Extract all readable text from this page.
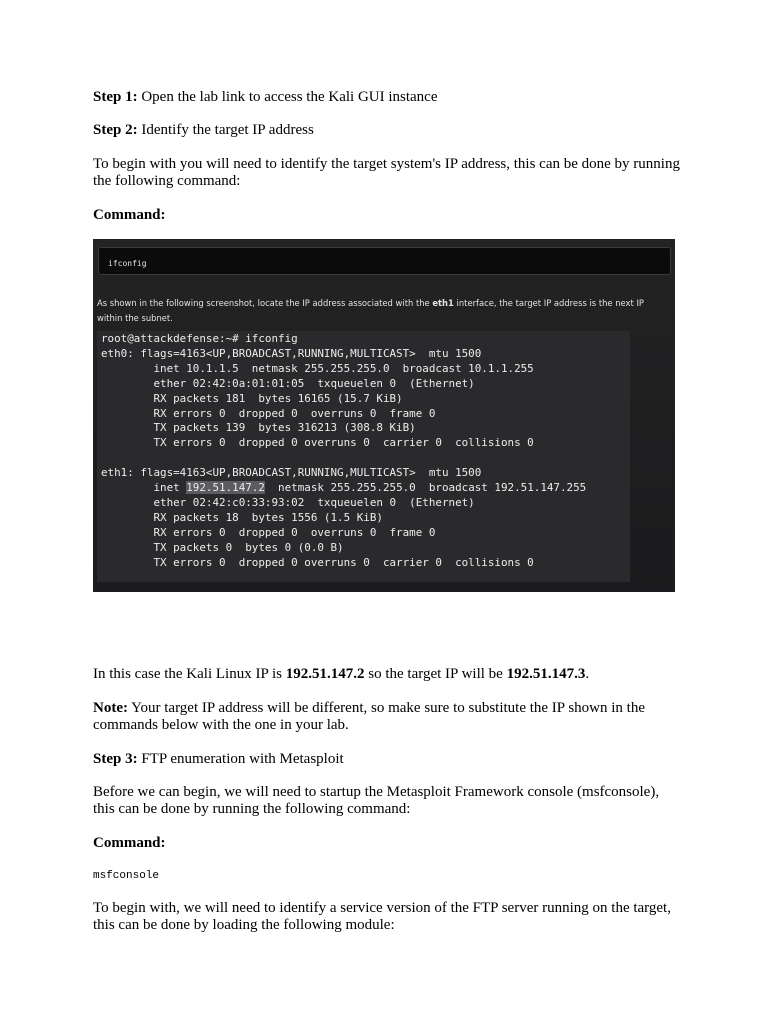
Step 1: Open the lab link to access the Kali GUI instance

Step 2: Identify the target IP address

To begin with you will need to identify the target system's IP address, this can be done by running the following command:

Command:

In this case the Kali Linux IP is 192.51.147.2 so the target IP will be 192.51.147.3.

Note: Your target IP address will be different, so make sure to substitute the IP shown in the commands below with the one in your lab.

Step 3: FTP enumeration with Metasploit

Before we can begin, we will need to startup the Metasploit Framework console (msfconsole), this can be done by running the following command:

Command:

msfconsole

To begin with, we will need to identify a service version of the FTP server running on the target, this can be done by loading the following module:

ifconfig
As shown in the following screenshot, locate the IP address associated with the eth1 interface, the target IP address is the next IP within the subnet.
root@attackdefense:~# ifconfig
eth0: flags=4163<UP,BROADCAST,RUNNING,MULTICAST>  mtu 1500
inet 10.1.1.5  netmask 255.255.255.0  broadcast 10.1.1.255
ether 02:42:0a:01:01:05  txqueuelen 0  (Ethernet)
RX packets 181  bytes 16165 (15.7 KiB)
RX errors 0  dropped 0  overruns 0  frame 0
TX packets 139  bytes 316213 (308.8 KiB)
TX errors 0  dropped 0 overruns 0  carrier 0  collisions 0

eth1: flags=4163<UP,BROADCAST,RUNNING,MULTICAST>  mtu 1500
inet 192.51.147.2  netmask 255.255.255.0  broadcast 192.51.147.255
ether 02:42:c0:33:93:02  txqueuelen 0  (Ethernet)
RX packets 18  bytes 1556 (1.5 KiB)
RX errors 0  dropped 0  overruns 0  frame 0
TX packets 0  bytes 0 (0.0 B)
TX errors 0  dropped 0 overruns 0  carrier 0  collisions 0
